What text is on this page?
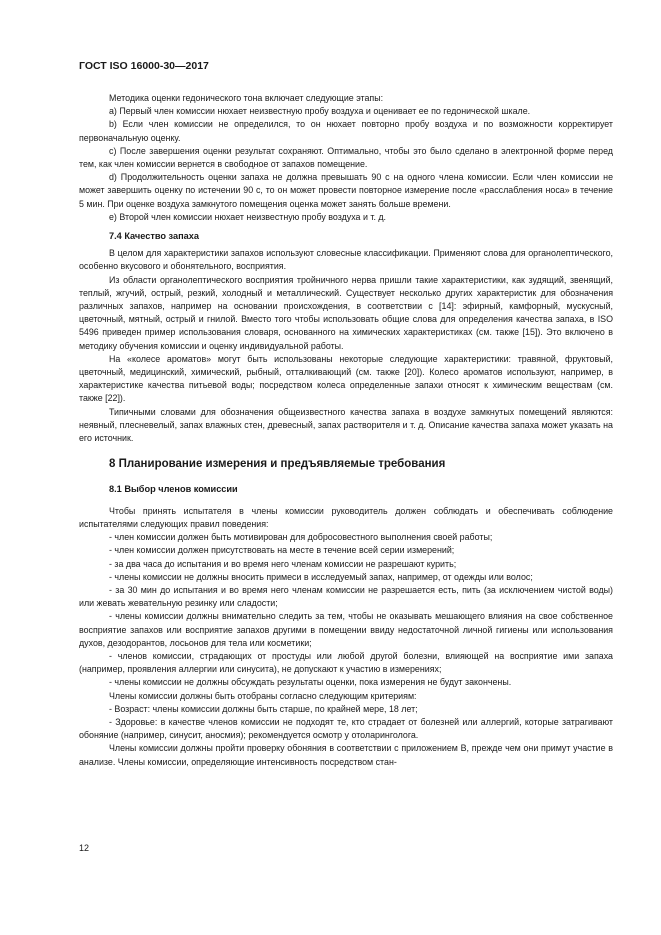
ГОСТ ISO 16000-30—2017

Методика оценки гедонического тона включает следующие этапы:

a) Первый член комиссии нюхает неизвестную пробу воздуха и оценивает ее по гедонической шкале.

b) Если член комиссии не определился, то он нюхает повторно пробу воздуха и по возможности корректирует первоначальную оценку.

c) После завершения оценки результат сохраняют. Оптимально, чтобы это было сделано в электронной форме перед тем, как член комиссии вернется в свободное от запахов помещение.

d) Продолжительность оценки запаха не должна превышать 90 с на одного члена комиссии. Если член комиссии не может завершить оценку по истечении 90 с, то он может провести повторное измерение после «расслабления носа» в течение 5 мин. При оценке воздуха замкнутого помещения оценка может занять больше времени.

e) Второй член комиссии нюхает неизвестную пробу воздуха и т. д.

7.4 Качество запаха

В целом для характеристики запахов используют словесные классификации. Применяют слова для органолептического, особенно вкусового и обонятельного, восприятия.

Из области органолептического восприятия тройничного нерва пришли такие характеристики, как зудящий, звенящий, теплый, жгучий, острый, резкий, холодный и металлический. Существует несколько других характеристик для обозначения различных запахов, например на основании происхождения, в соответствии с [14]: эфирный, камфорный, мускусный, цветочный, мятный, острый и гнилой. Вместо того чтобы использовать общие слова для определения качества запаха, в ISO 5496 приведен пример использования словаря, основанного на химических характеристиках (см. также [15]). Это включено в методику обучения комиссии и оценку индивидуальной работы.

На «колесе ароматов» могут быть использованы некоторые следующие характеристики: травяной, фруктовый, цветочный, медицинский, химический, рыбный, отталкивающий (см. также [20]). Колесо ароматов используют, например, в характеристике качества питьевой воды; посредством колеса определенные запахи относят к химическим веществам (см. также [22]).

Типичными словами для обозначения общеизвестного качества запаха в воздухе замкнутых помещений являются: неявный, плесневелый, запах влажных стен, древесный, запах растворителя и т. д. Описание качества запаха может указать на его источник.

8 Планирование измерения и предъявляемые требования
8.1 Выбор членов комиссии

Чтобы принять испытателя в члены комиссии руководитель должен соблюдать и обеспечивать соблюдение испытателями следующих правил поведения:

- член комиссии должен быть мотивирован для добросовестного выполнения своей работы;

- член комиссии должен присутствовать на месте в течение всей серии измерений;

- за два часа до испытания и во время него членам комиссии не разрешают курить;

- члены комиссии не должны вносить примеси в исследуемый запах, например, от одежды или волос;

- за 30 мин до испытания и во время него членам комиссии не разрешается есть, пить (за исключением чистой воды) или жевать жевательную резинку или сладости;

- члены комиссии должны внимательно следить за тем, чтобы не оказывать мешающего влияния на свое собственное восприятие запахов или восприятие запахов другими в помещении ввиду недостаточной личной гигиены или использования духов, дезодорантов, лосьонов для тела или косметики;

- членов комиссии, страдающих от простуды или любой другой болезни, влияющей на восприятие ими запаха (например, проявления аллергии или синусита), не допускают к участию в измерениях;

- члены комиссии не должны обсуждать результаты оценки, пока измерения не будут закончены.

Члены комиссии должны быть отобраны согласно следующим критериям:

- Возраст: члены комиссии должны быть старше, по крайней мере, 18 лет;

- Здоровье: в качестве членов комиссии не подходят те, кто страдает от болезней или аллергий, которые затрагивают обоняние (например, синусит, аносмия); рекомендуется осмотр у отоларинголога.

Члены комиссии должны пройти проверку обоняния в соответствии с приложением B, прежде чем они примут участие в анализе. Члены комиссии, определяющие интенсивность посредством стан-

12
